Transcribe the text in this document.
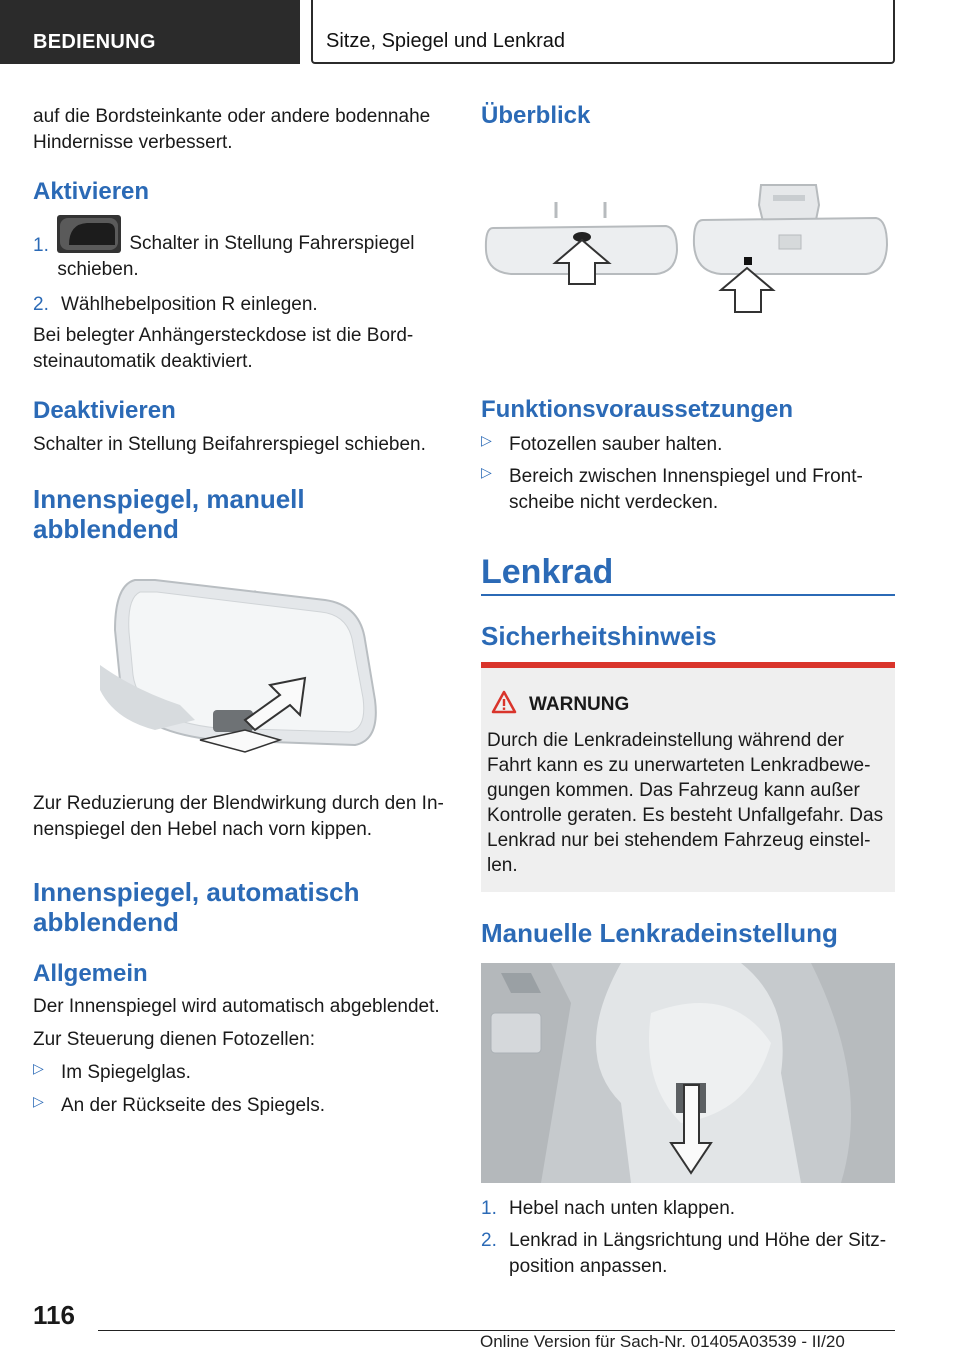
BEDIENUNG	Sitze, Spiegel und Lenkrad

auf die Bordsteinkante oder andere bodennahe Hindernisse verbessert.

Aktivieren
1.	Schalter in Stellung Fahrerspiegel schieben.
2. Wählhebelposition R einlegen.

Bei belegter Anhängersteckdose ist die Bordsteinautomatik deaktiviert.

Deaktivieren

Schalter in Stellung Beifahrerspiegel schieben.

Innenspiegel, manuell abblendend

Zur Reduzierung der Blendwirkung durch den Innenspiegel den Hebel nach vorn kippen.

Innenspiegel, automatisch abblendend
Allgemein

Der Innenspiegel wird automatisch abgeblendet.

Zur Steuerung dienen Fotozellen:

▷ Im Spiegelglas.
▷ An der Rückseite des Spiegels.
Überblick
Funktionsvoraussetzungen
▷ Fotozellen sauber halten.
▷ Bereich zwischen Innenspiegel und Frontscheibe nicht verdecken.
Lenkrad
Sicherheitshinweis
WARNUNG

Durch die Lenkradeinstellung während der Fahrt kann es zu unerwarteten Lenkradbewegungen kommen. Das Fahrzeug kann außer Kontrolle geraten. Es besteht Unfallgefahr. Das Lenkrad nur bei stehendem Fahrzeug einstellen.

Manuelle Lenkradeinstellung
1. Hebel nach unten klappen.
2. Lenkrad in Längsrichtung und Höhe der Sitzposition anpassen.
116
Online Version für Sach-Nr. 01405A03539 - II/20
